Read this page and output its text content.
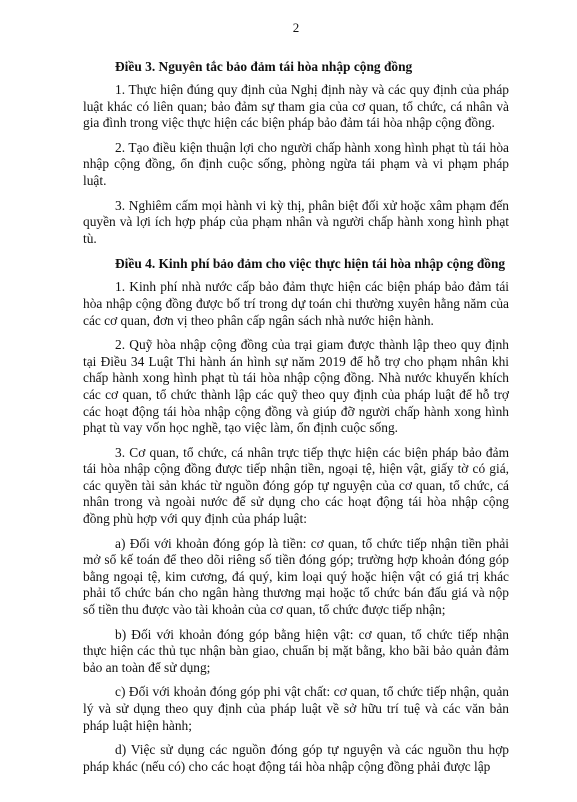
2
Điều 3. Nguyên tắc bảo đảm tái hòa nhập cộng đồng

1. Thực hiện đúng quy định của Nghị định này và các quy định của pháp luật khác có liên quan; bảo đảm sự tham gia của cơ quan, tổ chức, cá nhân và gia đình trong việc thực hiện các biện pháp bảo đảm tái hòa nhập cộng đồng.

2. Tạo điều kiện thuận lợi cho người chấp hành xong hình phạt tù tái hòa nhập cộng đồng, ổn định cuộc sống, phòng ngừa tái phạm và vi phạm pháp luật.

3. Nghiêm cấm mọi hành vi kỳ thị, phân biệt đối xử hoặc xâm phạm đến quyền và lợi ích hợp pháp của phạm nhân và người chấp hành xong hình phạt tù.

Điều 4. Kinh phí bảo đảm cho việc thực hiện tái hòa nhập cộng đồng

1. Kinh phí nhà nước cấp bảo đảm thực hiện các biện pháp bảo đảm tái hòa nhập cộng đồng được bố trí trong dự toán chi thường xuyên hằng năm của các cơ quan, đơn vị theo phân cấp ngân sách nhà nước hiện hành.

2. Quỹ hòa nhập cộng đồng của trại giam được thành lập theo quy định tại Điều 34 Luật Thi hành án hình sự năm 2019 để hỗ trợ cho phạm nhân khi chấp hành xong hình phạt tù tái hòa nhập cộng đồng. Nhà nước khuyến khích các cơ quan, tổ chức thành lập các quỹ theo quy định của pháp luật để hỗ trợ các hoạt động tái hòa nhập cộng đồng và giúp đỡ người chấp hành xong hình phạt tù vay vốn học nghề, tạo việc làm, ổn định cuộc sống.

3. Cơ quan, tổ chức, cá nhân trực tiếp thực hiện các biện pháp bảo đảm tái hòa nhập cộng đồng được tiếp nhận tiền, ngoại tệ, hiện vật, giấy tờ có giá, các quyền tài sản khác từ nguồn đóng góp tự nguyện của cơ quan, tổ chức, cá nhân trong và ngoài nước để sử dụng cho các hoạt động tái hòa nhập cộng đồng phù hợp với quy định của pháp luật:

a) Đối với khoản đóng góp là tiền: cơ quan, tổ chức tiếp nhận tiền phải mở sổ kế toán để theo dõi riêng số tiền đóng góp; trường hợp khoản đóng góp bằng ngoại tệ, kim cương, đá quý, kim loại quý hoặc hiện vật có giá trị khác phải tổ chức bán cho ngân hàng thương mại hoặc tổ chức bán đấu giá và nộp số tiền thu được vào tài khoản của cơ quan, tổ chức được tiếp nhận;

b) Đối với khoản đóng góp bằng hiện vật: cơ quan, tổ chức tiếp nhận thực hiện các thủ tục nhận bàn giao, chuẩn bị mặt bằng, kho bãi bảo quản đảm bảo an toàn để sử dụng;

c) Đối với khoản đóng góp phi vật chất: cơ quan, tổ chức tiếp nhận, quản lý và sử dụng theo quy định của pháp luật về sở hữu trí tuệ và các văn bản pháp luật hiện hành;

d) Việc sử dụng các nguồn đóng góp tự nguyện và các nguồn thu hợp pháp khác (nếu có) cho các hoạt động tái hòa nhập cộng đồng phải được lập
